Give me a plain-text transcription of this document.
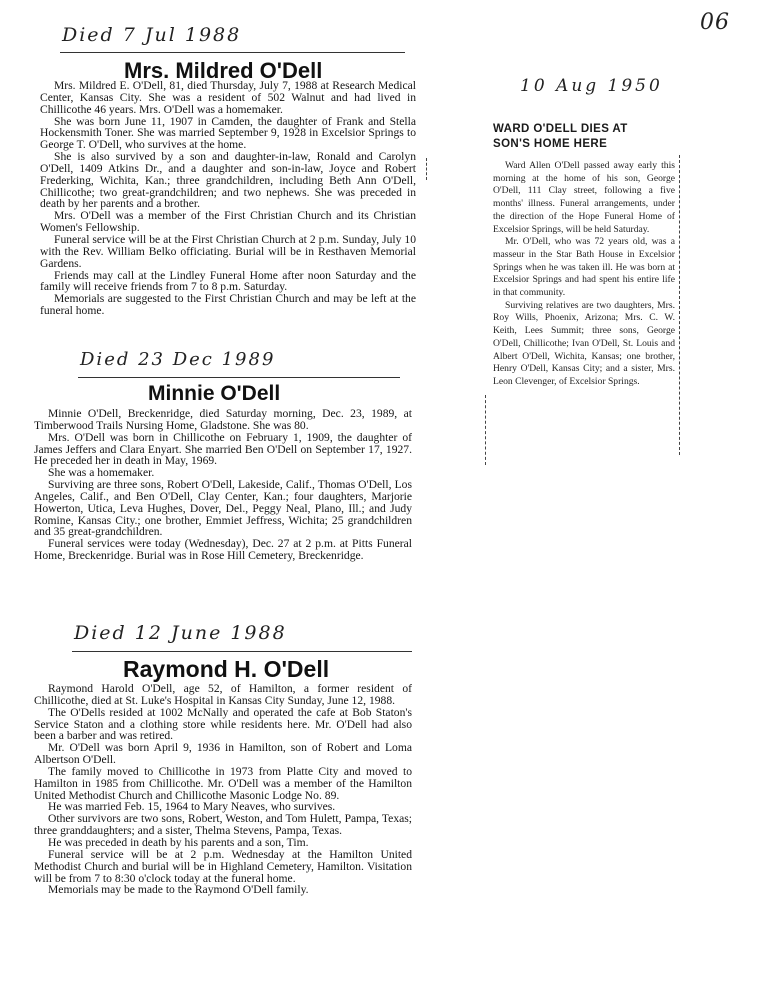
06
Died 7 Jul 1988
Mrs. Mildred O'Dell

Mrs. Mildred E. O'Dell, 81, died Thursday, July 7, 1988 at Research Medical Center, Kansas City. She was a resident of 502 Walnut and had lived in Chillicothe 46 years. Mrs. O'Dell was a homemaker.

She was born June 11, 1907 in Camden, the daughter of Frank and Stella Hockensmith Toner. She was married September 9, 1928 in Excelsior Springs to George T. O'Dell, who survives at the home.

She is also survived by a son and daughter-in-law, Ronald and Carolyn O'Dell, 1409 Atkins Dr., and a daughter and son-in-law, Joyce and Robert Frederking, Wichita, Kan.; three grandchildren, including Beth Ann O'Dell, Chillicothe; two great-grandchildren; and two nephews. She was preceded in death by her parents and a brother.

Mrs. O'Dell was a member of the First Christian Church and its Christian Women's Fellowship.

Funeral service will be at the First Christian Church at 2 p.m. Sunday, July 10 with the Rev. William Belko officiating. Burial will be in Resthaven Memorial Gardens.

Friends may call at the Lindley Funeral Home after noon Saturday and the family will receive friends from 7 to 8 p.m. Saturday.

Memorials are suggested to the First Christian Church and may be left at the funeral home.

Died 23 Dec 1989
Minnie O'Dell

Minnie O'Dell, Breckenridge, died Saturday morning, Dec. 23, 1989, at Timberwood Trails Nursing Home, Gladstone. She was 80.

Mrs. O'Dell was born in Chillicothe on February 1, 1909, the daughter of James Jeffers and Clara Enyart. She married Ben O'Dell on September 17, 1927. He preceded her in death in May, 1969.

She was a homemaker.

Surviving are three sons, Robert O'Dell, Lakeside, Calif., Thomas O'Dell, Los Angeles, Calif., and Ben O'Dell, Clay Center, Kan.; four daughters, Marjorie Howerton, Utica, Leva Hughes, Dover, Del., Peggy Neal, Plano, Ill.; and Judy Romine, Kansas City.; one brother, Emmiet Jeffress, Wichita; 25 grandchildren and 35 great-grandchildren.

Funeral services were today (Wednesday), Dec. 27 at 2 p.m. at Pitts Funeral Home, Breckenridge. Burial was in Rose Hill Cemetery, Breckenridge.

Died 12 June 1988
Raymond H. O'Dell

Raymond Harold O'Dell, age 52, of Hamilton, a former resident of Chillicothe, died at St. Luke's Hospital in Kansas City Sunday, June 12, 1988.

The O'Dells resided at 1002 McNally and operated the cafe at Bob Staton's Service Staton and a clothing store while residents here. Mr. O'Dell had also been a barber and was retired.

Mr. O'Dell was born April 9, 1936 in Hamilton, son of Robert and Loma Albertson O'Dell.

The family moved to Chillicothe in 1973 from Platte City and moved to Hamilton in 1985 from Chillicothe. Mr. O'Dell was a member of the Hamilton United Methodist Church and Chillicothe Masonic Lodge No. 89.

He was married Feb. 15, 1964 to Mary Neaves, who survives.

Other survivors are two sons, Robert, Weston, and Tom Hulett, Pampa, Texas; three granddaughters; and a sister, Thelma Stevens, Pampa, Texas.

He was preceded in death by his parents and a son, Tim.

Funeral service will be at 2 p.m. Wednesday at the Hamilton United Methodist Church and burial will be in Highland Cemetery, Hamilton. Visitation will be from 7 to 8:30 o'clock today at the funeral home.

Memorials may be made to the Raymond O'Dell family.

10 Aug 1950
WARD O'DELL DIES AT
SON'S HOME HERE

Ward Allen O'Dell passed away early this morning at the home of his son, George O'Dell, 111 Clay street, following a five months' illness. Funeral arrangements, under the direction of the Hope Funeral Home of Excelsior Springs, will be held Saturday.

Mr. O'Dell, who was 72 years old, was a masseur in the Star Bath House in Excelsior Springs when he was taken ill. He was born at Excelsior Springs and had spent his entire life in that community.

Surviving relatives are two daughters, Mrs. Roy Wills, Phoenix, Arizona; Mrs. C. W. Keith, Lees Summit; three sons, George O'Dell, Chillicothe; Ivan O'Dell, St. Louis and Albert O'Dell, Wichita, Kansas; one brother, Henry O'Dell, Kansas City; and a sister, Mrs. Leon Clevenger, of Excelsior Springs.
